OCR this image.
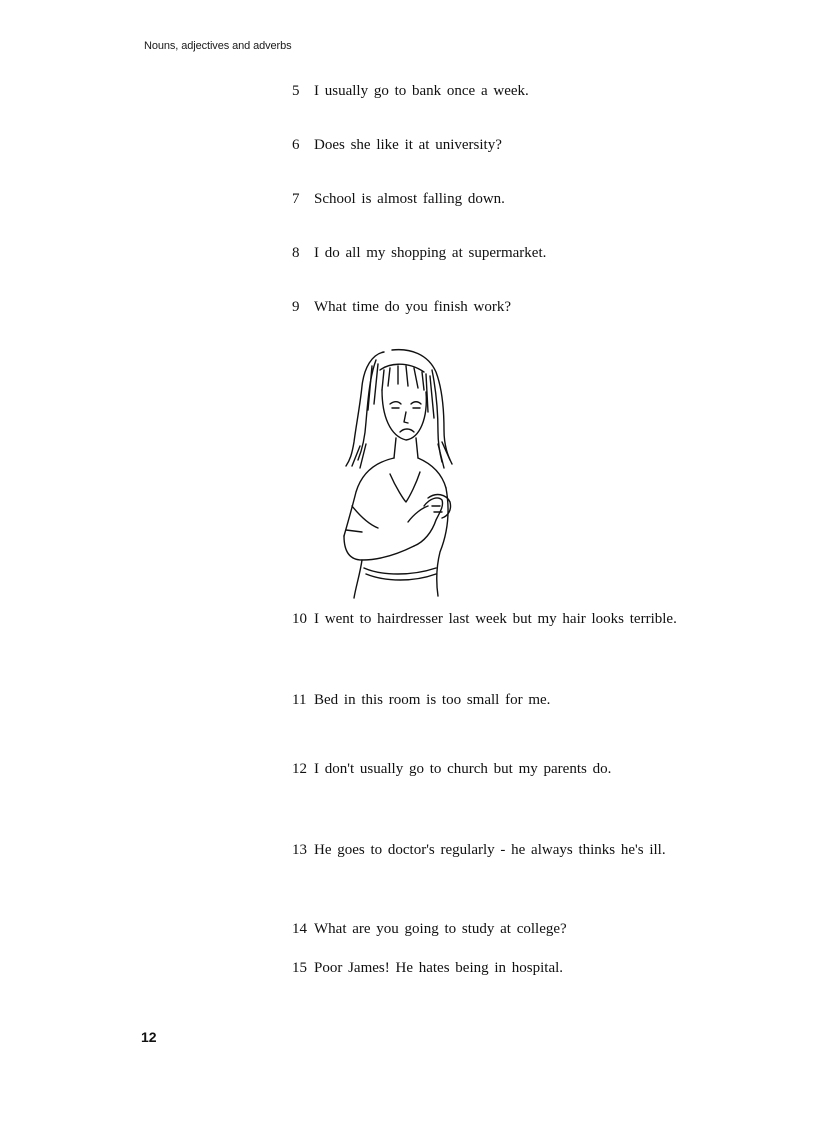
Nouns, adjectives and adverbs

5 I usually go to bank once a week.

6 Does she like it at university?

7 School is almost falling down.

8 I do all my shopping at supermarket.

9 What time do you finish work?

10 I went to hairdresser last week but my hair looks terrible.

11 Bed in this room is too small for me.

12 I don't usually go to church but my parents do.

13 He goes to doctor's regularly - he always thinks he's ill.

14 What are you going to study at college?

15 Poor James! He hates being in hospital.

12
